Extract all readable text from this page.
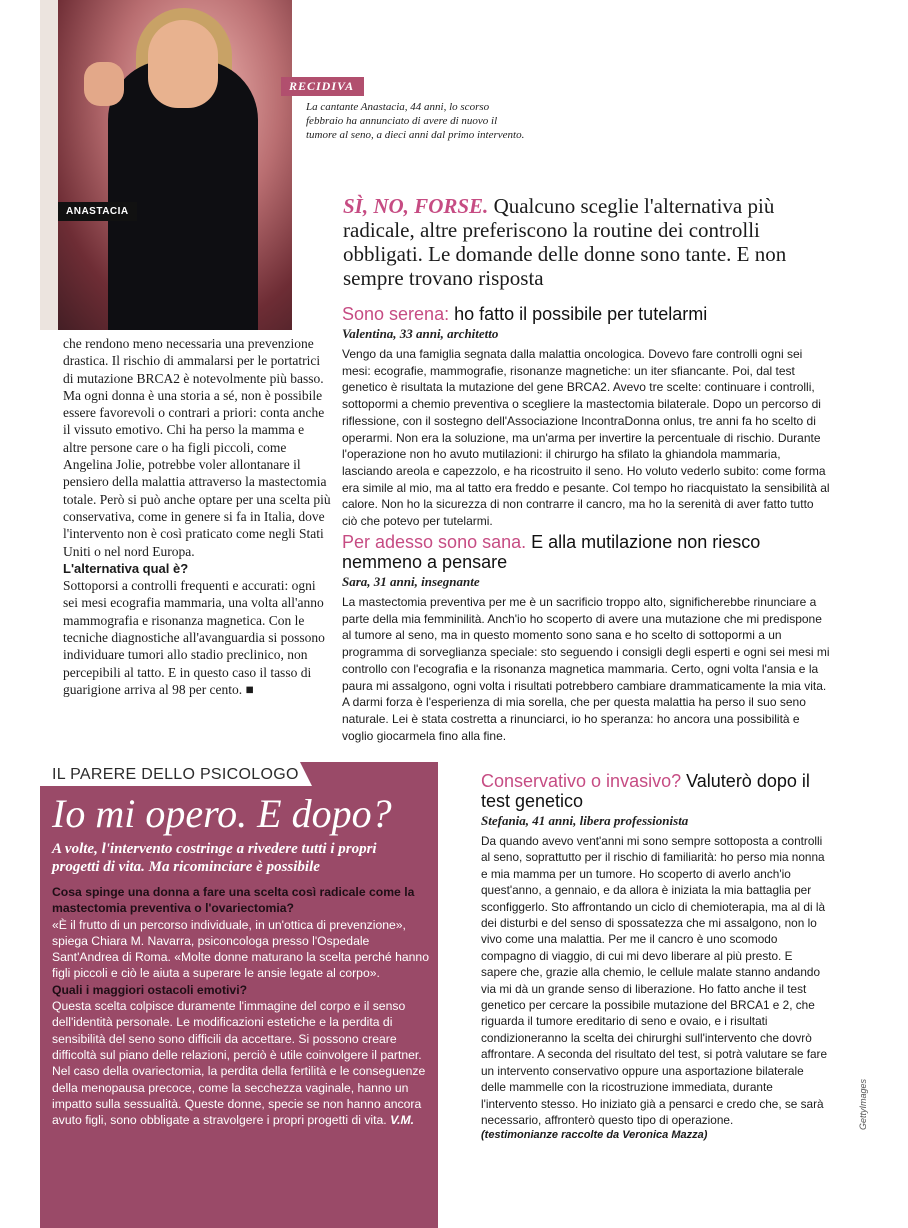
ANASTACIA
RECIDIVA
La cantante Anastacia, 44 anni, lo scorso febbraio ha annunciato di avere di nuovo il tumore al seno, a dieci anni dal primo intervento.
SÌ, NO, FORSE. Qualcuno sceglie l'alternativa più radicale, altre preferiscono la routine dei controlli obbligati. Le domande delle donne sono tante. E non sempre trovano risposta

che rendono meno necessaria una prevenzione drastica. Il rischio di ammalarsi per le portatrici di mutazione BRCA2 è notevolmente più basso. Ma ogni donna è una storia a sé, non è possibile essere favorevoli o contrari a priori: conta anche il vissuto emotivo. Chi ha perso la mamma e altre persone care o ha figli piccoli, come Angelina Jolie, potrebbe voler allontanare il pensiero della malattia attraverso la mastectomia totale. Però si può anche optare per una scelta più conservativa, come in genere si fa in Italia, dove l'intervento non è così praticato come negli Stati Uniti o nel nord Europa.

L'alternativa qual è?

Sottoporsi a controlli frequenti e accurati: ogni sei mesi ecografia mammaria, una volta all'anno mammografia e risonanza magnetica. Con le tecniche diagnostiche all'avanguardia si possono individuare tumori allo stadio preclinico, non percepibili al tatto. E in questo caso il tasso di guarigione arriva al 98 per cento. ■

Sono serena: ho fatto il possibile per tutelarmi
Valentina, 33 anni, architetto
Vengo da una famiglia segnata dalla malattia oncologica. Dovevo fare controlli ogni sei mesi: ecografie, mammografie, risonanze magnetiche: un iter sfiancante. Poi, dal test genetico è risultata la mutazione del gene BRCA2. Avevo tre scelte: continuare i controlli, sottopormi a chemio preventiva o scegliere la mastectomia bilaterale. Dopo un percorso di riflessione, con il sostegno dell'Associazione IncontraDonna onlus, tre anni fa ho scelto di operarmi. Non era la soluzione, ma un'arma per invertire la percentuale di rischio. Durante l'operazione non ho avuto mutilazioni: il chirurgo ha sfilato la ghiandola mammaria, lasciando areola e capezzolo, e ha ricostruito il seno. Ho voluto vederlo subito: come forma era simile al mio, ma al tatto era freddo e pesante. Col tempo ho riacquistato la sensibilità al calore. Non ho la sicurezza di non contrarre il cancro, ma ho la serenità di aver fatto tutto ciò che potevo per tutelarmi.
Per adesso sono sana. E alla mutilazione non riesco nemmeno a pensare
Sara, 31 anni, insegnante
La mastectomia preventiva per me è un sacrificio troppo alto, significherebbe rinunciare a parte della mia femminilità. Anch'io ho scoperto di avere una mutazione che mi predispone al tumore al seno, ma in questo momento sono sana e ho scelto di sottopormi a un programma di sorveglianza speciale: sto seguendo i consigli degli esperti e ogni sei mesi mi controllo con l'ecografia e la risonanza magnetica mammaria. Certo, ogni volta l'ansia e la paura mi assalgono, ogni volta i risultati potrebbero cambiare drammaticamente la mia vita. A darmi forza è l'esperienza di mia sorella, che per questa malattia ha perso il suo seno naturale. Lei è stata costretta a rinunciarci, io ho speranza: ho ancora una possibilità e voglio giocarmela fino alla fine.
IL PARERE DELLO PSICOLOGO
Io mi opero. E dopo?
A volte, l'intervento costringe a rivedere tutti i propri progetti di vita. Ma ricominciare è possibile

Cosa spinge una donna a fare una scelta così radicale come la mastectomia preventiva o l'ovariectomia?

«È il frutto di un percorso individuale, in un'ottica di prevenzione», spiega Chiara M. Navarra, psiconcologa presso l'Ospedale Sant'Andrea di Roma. «Molte donne maturano la scelta perché hanno figli piccoli e ciò le aiuta a superare le ansie legate al corpo».

Quali i maggiori ostacoli emotivi?

Questa scelta colpisce duramente l'immagine del corpo e il senso dell'identità personale. Le modificazioni estetiche e la perdita di sensibilità del seno sono difficili da accettare. Si possono creare difficoltà sul piano delle relazioni, perciò è utile coinvolgere il partner. Nel caso della ovariectomia, la perdita della fertilità e le conseguenze della menopausa precoce, come la secchezza vaginale, hanno un impatto sulla sessualità. Queste donne, specie se non hanno ancora avuto figli, sono obbligate a stravolgere i propri progetti di vita. V.M.

Conservativo o invasivo? Valuterò dopo il test genetico
Stefania, 41 anni, libera professionista
Da quando avevo vent'anni mi sono sempre sottoposta a controlli al seno, soprattutto per il rischio di familiarità: ho perso mia nonna e mia mamma per un tumore. Ho scoperto di averlo anch'io quest'anno, a gennaio, e da allora è iniziata la mia battaglia per sconfiggerlo. Sto affrontando un ciclo di chemioterapia, ma al di là dei disturbi e del senso di spossatezza che mi assalgono, non lo vivo come una malattia. Per me il cancro è uno scomodo compagno di viaggio, di cui mi devo liberare al più presto. E sapere che, grazie alla chemio, le cellule malate stanno andando via mi dà un grande senso di liberazione. Ho fatto anche il test genetico per cercare la possibile mutazione del BRCA1 e 2, che riguarda il tumore ereditario di seno e ovaio, e i risultati condizioneranno la scelta dei chirurghi sull'intervento che dovrò affrontare. A seconda del risultato del test, si potrà valutare se fare un intervento conservativo oppure una asportazione bilaterale delle mammelle con la ricostruzione immediata, durante l'intervento stesso. Ho iniziato già a pensarci e credo che, se sarà necessario, affronterò questo tipo di operazione.
(testimonianze raccolte da Veronica Mazza)
GettyImages
